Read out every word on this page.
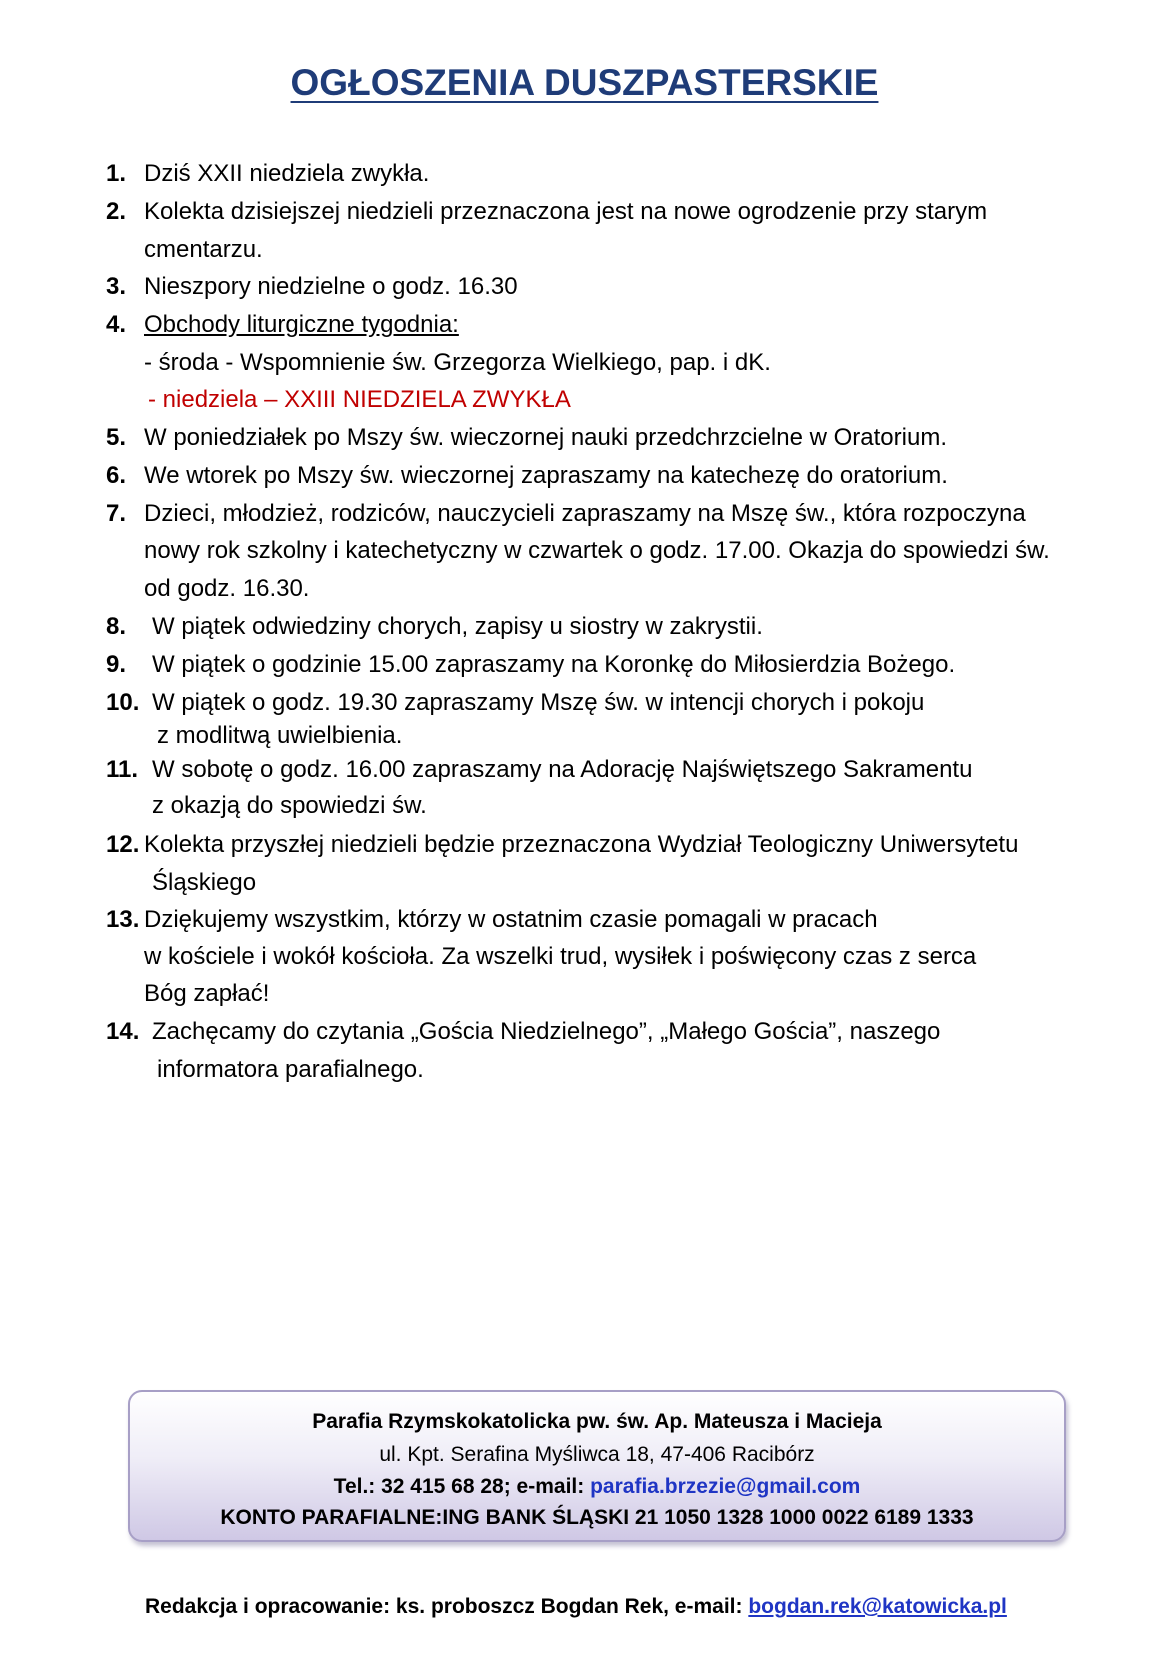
OGŁOSZENIA DUSZPASTERSKIE
1. Dziś XXII niedziela zwykła.
2. Kolekta dzisiejszej niedzieli przeznaczona jest na nowe ogrodzenie przy starym
cmentarzu.
3. Nieszpory niedzielne o godz. 16.30
4. Obchody liturgiczne tygodnia:
- środa - Wspomnienie św. Grzegorza Wielkiego, pap. i dK.
- niedziela – XXIII NIEDZIELA ZWYKŁA
5. W poniedziałek po Mszy św. wieczornej nauki przedchrzcielne w Oratorium.
6. We wtorek po Mszy św. wieczornej zapraszamy na katechezę do oratorium.
7. Dzieci, młodzież, rodziców, nauczycieli zapraszamy na Mszę św., która rozpoczyna
nowy rok szkolny i katechetyczny w czwartek o godz. 17.00. Okazja do spowiedzi św.
od godz. 16.30.
8. W piątek odwiedziny chorych, zapisy u siostry w zakrystii.
9. W piątek o godzinie 15.00 zapraszamy na Koronkę do Miłosierdzia Bożego.
10. W piątek o godz. 19.30 zapraszamy Mszę św. w intencji chorych i pokoju
z modlitwą uwielbienia.
11. W sobotę o godz. 16.00 zapraszamy na Adorację Najświętszego Sakramentu
z okazją do spowiedzi św.
12. Kolekta przyszłej niedzieli będzie przeznaczona Wydział Teologiczny Uniwersytetu
Śląskiego
13. Dziękujemy wszystkim, którzy w ostatnim czasie pomagali w pracach
w kościele i wokół kościoła. Za wszelki trud, wysiłek i poświęcony czas z serca
Bóg zapłać!
14. Zachęcamy do czytania „Gościa Niedzielnego”, „Małego Gościa”, naszego
informatora parafialnego.
Parafia Rzymskokatolicka pw. św. Ap. Mateusza i Macieja
ul. Kpt. Serafina Myśliwca 18, 47-406 Racibórz
Tel.: 32 415 68 28; e-mail: parafia.brzezie@gmail.com
KONTO PARAFIALNE:ING BANK ŚLĄSKI 21 1050 1328 1000 0022 6189 1333
Redakcja i opracowanie: ks. proboszcz Bogdan Rek, e-mail: bogdan.rek@katowicka.pl
